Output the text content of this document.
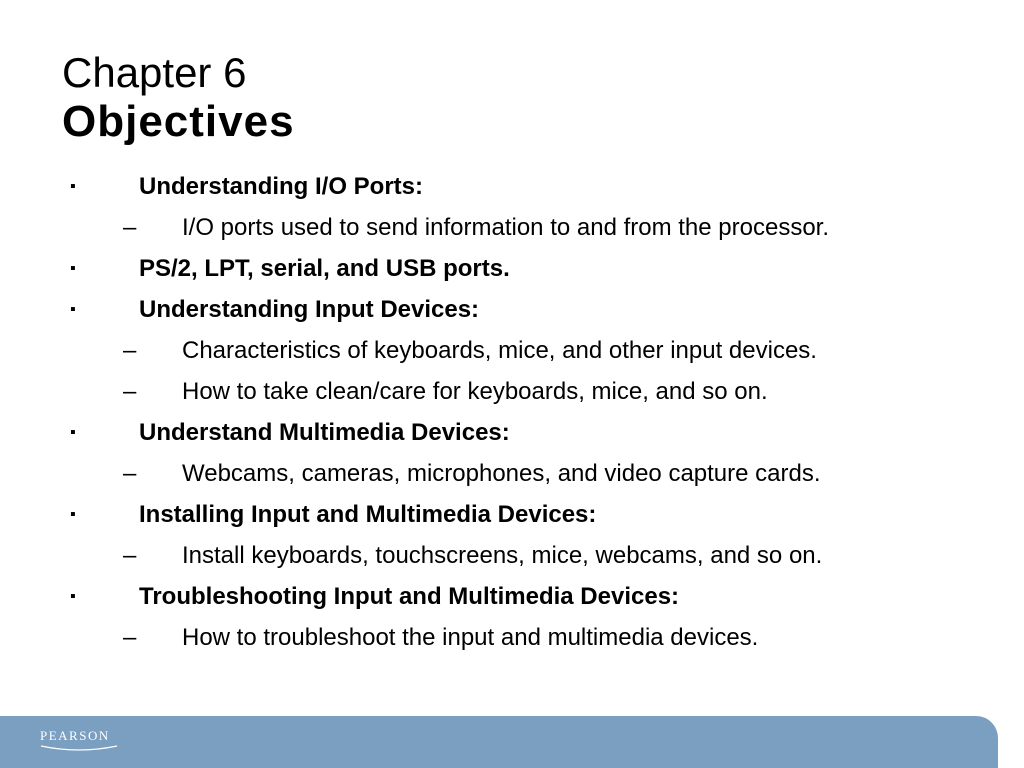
Chapter 6
Objectives
▪	Understanding I/O Ports:
– I/O ports used to send information to and from the processor.
▪	PS/2, LPT, serial, and USB ports.
▪	Understanding Input Devices:
– Characteristics of keyboards, mice, and other input devices.
– How to take clean/care for keyboards, mice, and so on.
▪	Understand Multimedia Devices:
– Webcams, cameras, microphones, and video capture cards.
▪	Installing Input and Multimedia Devices:
– Install keyboards, touchscreens, mice, webcams, and so on.
▪	Troubleshooting Input and Multimedia Devices:
– How to troubleshoot the input and multimedia devices.
PEARSON
